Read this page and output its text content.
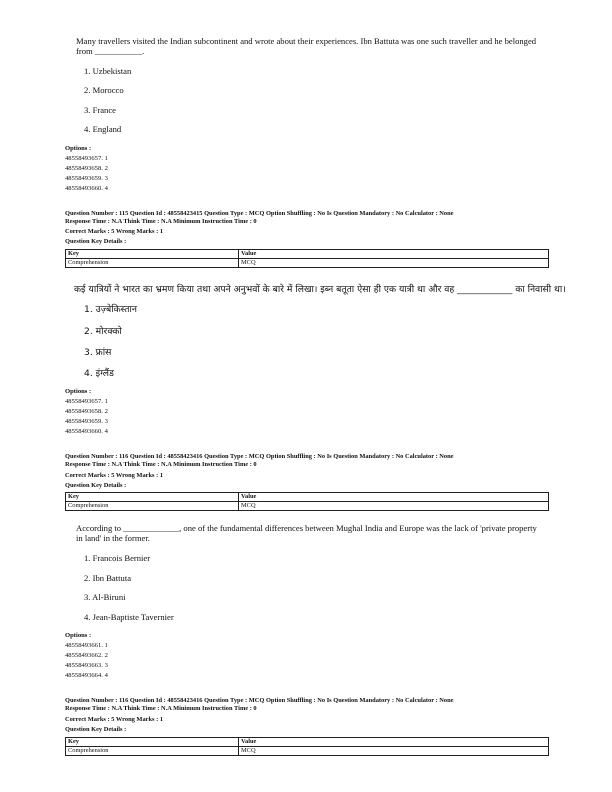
Many travellers visited the Indian subcontinent and wrote about their experiences. Ibn Battuta was one such traveller and he belonged
from ___________.
1. Uzbekistan
2. Morocco
3. France
4. England
Options :
48558493657. 1
48558493658. 2
48558493659. 3
48558493660. 4
Question Number : 115 Question Id : 48558423415 Question Type : MCQ Option Shuffling : No Is Question Mandatory : No Calculator : None
Response Time : N.A Think Time : N.A Minimum Instruction Time : 0
Correct Marks : 5 Wrong Marks : 1
Question Key Details :
Key	Value
Comprehension	MCQ
कई यात्रियों ने भारत का भ्रमण किया तथा अपने अनुभवों के बारे में लिखा। इब्न बतूता ऐसा ही एक यात्री था और वह ____________ का निवासी था।
1. उज़्बेकिस्तान
2. मोरक्को
3. फ्रांस
4. इंग्लैंड
Options :
48558493657. 1
48558493658. 2
48558493659. 3
48558493660. 4
Question Number : 116 Question Id : 48558423416 Question Type : MCQ Option Shuffling : No Is Question Mandatory : No Calculator : None
Response Time : N.A Think Time : N.A Minimum Instruction Time : 0
Correct Marks : 5 Wrong Marks : 1
Question Key Details :
Key	Value
Comprehension	MCQ
According to _____________, one of the fundamental differences between Mughal India and Europe was the lack of 'private property
in land' in the former.
1. Francois Bernier
2. Ibn Battuta
3. Al-Biruni
4. Jean-Baptiste Tavernier
Options :
48558493661. 1
48558493662. 2
48558493663. 3
48558493664. 4
Question Number : 116 Question Id : 48558423416 Question Type : MCQ Option Shuffling : No Is Question Mandatory : No Calculator : None
Response Time : N.A Think Time : N.A Minimum Instruction Time : 0
Correct Marks : 5 Wrong Marks : 1
Question Key Details :
Key	Value
Comprehension	MCQ
